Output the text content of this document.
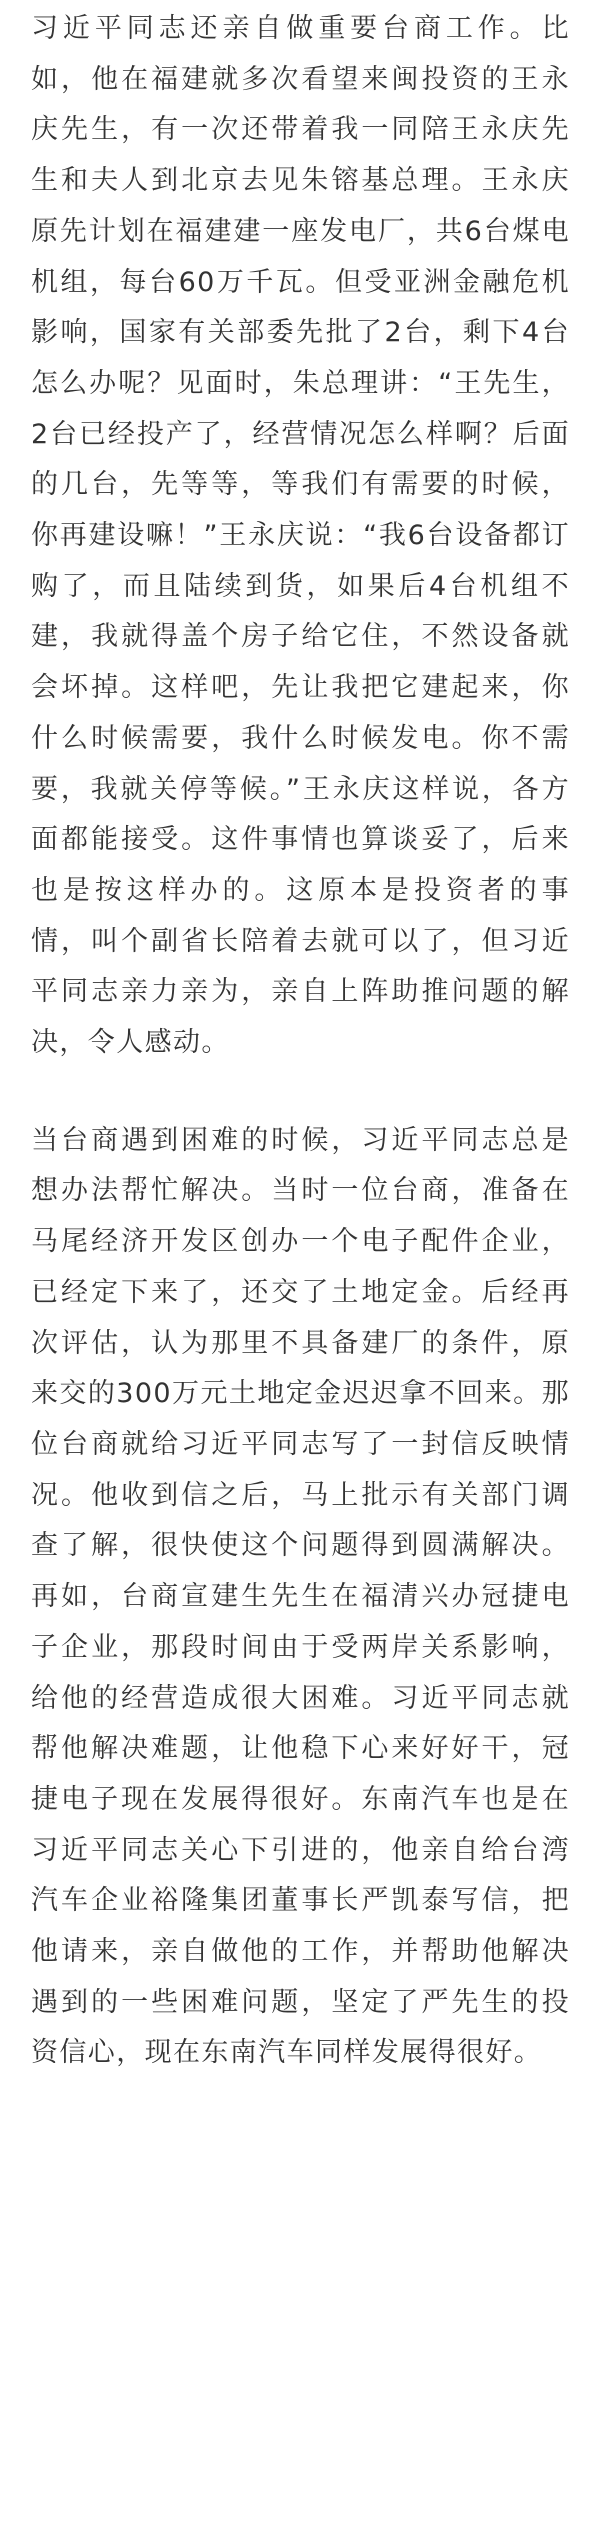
习近平同志还亲自做重要台商工作。比如，他在福建就多次看望来闽投资的王永庆先生，有一次还带着我一同陪王永庆先生和夫人到北京去见朱镕基总理。王永庆原先计划在福建建一座发电厂，共6台煤电机组，每台60万千瓦。但受亚洲金融危机影响，国家有关部委先批了2台，剩下4台怎么办呢？见面时，朱总理讲：“王先生，2台已经投产了，经营情况怎么样啊？后面的几台，先等等，等我们有需要的时候，你再建设嘛！”王永庆说：“我6台设备都订购了，而且陆续到货，如果后4台机组不建，我就得盖个房子给它住，不然设备就会坏掉。这样吧，先让我把它建起来，你什么时候需要，我什么时候发电。你不需要，我就关停等候。”王永庆这样说，各方面都能接受。这件事情也算谈妥了，后来也是按这样办的。这原本是投资者的事情，叫个副省长陪着去就可以了，但习近平同志亲力亲为，亲自上阵助推问题的解决，令人感动。

当台商遇到困难的时候，习近平同志总是想办法帮忙解决。当时一位台商，准备在马尾经济开发区创办一个电子配件企业，已经定下来了，还交了土地定金。后经再次评估，认为那里不具备建厂的条件，原来交的300万元土地定金迟迟拿不回来。那位台商就给习近平同志写了一封信反映情况。他收到信之后，马上批示有关部门调查了解，很快使这个问题得到圆满解决。再如，台商宣建生先生在福清兴办冠捷电子企业，那段时间由于受两岸关系影响，给他的经营造成很大困难。习近平同志就帮他解决难题，让他稳下心来好好干，冠捷电子现在发展得很好。东南汽车也是在习近平同志关心下引进的，他亲自给台湾汽车企业裕隆集团董事长严凯泰写信，把他请来，亲自做他的工作，并帮助他解决遇到的一些困难问题，坚定了严先生的投资信心，现在东南汽车同样发展得很好。
